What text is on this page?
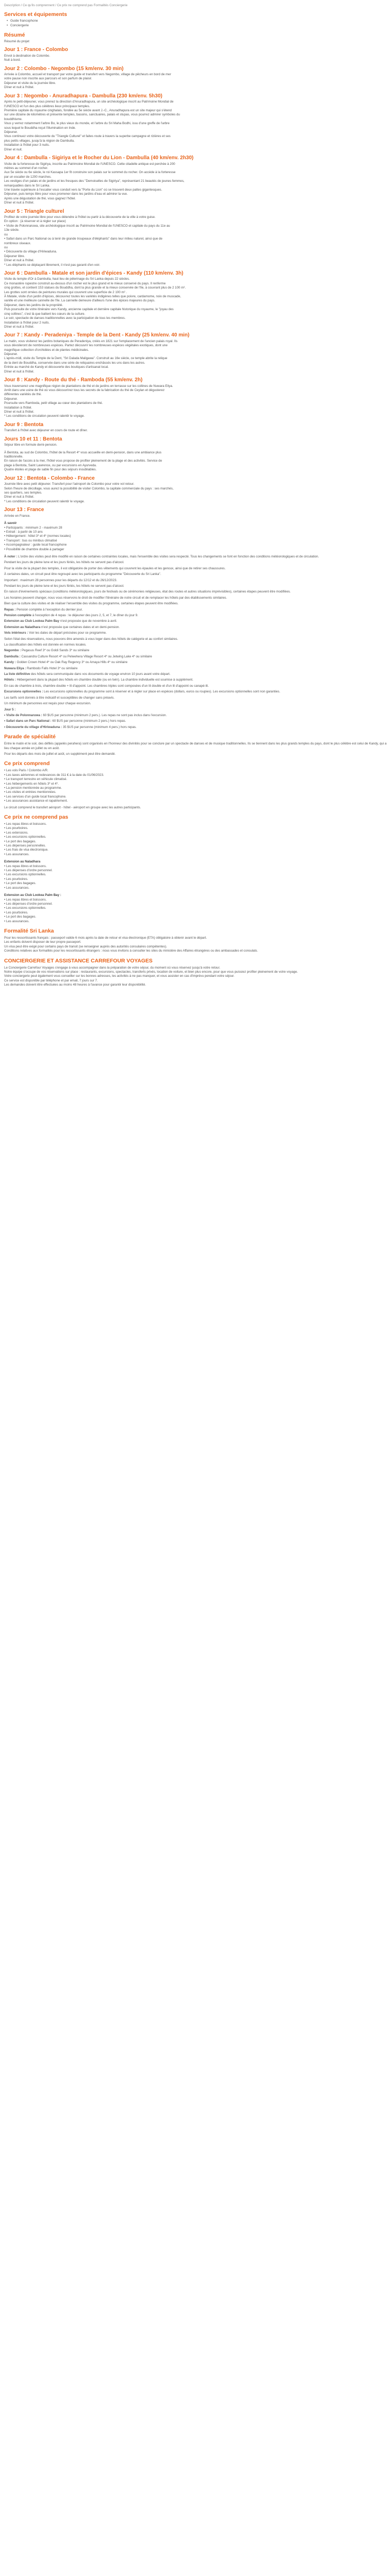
Description / Ce qu'ils comprennent / Ce prix ne comprend pas Formalités Conciergerie
Services et équipements
• Guide francophone
• Conciergerie
Résumé
Résumé du projet
Jour 1 : France - Colombo
Envol à destination de Colombo.
Nuit à bord.
Jour 2 : Colombo - Negombo (15 km/env. 30 min)
Arrivée à Colombo, accueil et transport par votre guide et transfert vers Negombo, village de pêcheurs en bord de mer
votre pause non inscrite aux parcours et son parfum de plaisir.
Déjeuner et visite du la journée libre.
Dîner et nuit à l'hôtel.
Jour 3 : Negombo - Anuradhapura - Dambulla (230 km/env. 5h30)
Après le petit-déjeuner, vous prenez la direction d'Anuradhapura, un site archéologique inscrit au Patrimoine Mondial de
l'UNESCO et l'un des plus célèbres lieux principaux temples.
Première capitale du royaume cinghalais, fondée au 5e siècle avant J.-C., Anuradhapura est un site majeur qui s'étend
sur une dizaine de kilomètres et présente temples, bassins, sanctuaires, palais et stupas, vous pourrez admirer symboles du
bouddhisme.
Vous y verrez notamment l'arbre Bo, le plus vieux du monde, et l'arbre du Sri Maha Bodhi, issu d'une greffe de l'arbre
sous lequel le Bouddha reçut l'illumination en Inde.
Déjeuner.
Vous continuez votre découverte du "Triangle Culturel" et faites route à travers la superbe campagne et rizières et ses
plus petits villages, jusqu'à la région de Dambulla.
Installation à l'hôtel pour 3 nuits.
Dîner et nuit.
Jour 4 : Dambulla - Sigiriya et le Rocher du Lion - Dambulla (40 km/env. 2h30)
Visite de la forteresse de Sigiriya, inscrite au Patrimoine Mondial de l'UNESCO. Cette citadelle antique est perchée à 200
mètres au sommet d'un rocher.
Aux 5e siècle ou 6e siècle, le roi Kassapa 1er fit construire son palais sur le sommet du rocher. On accède à la forteresse
par un escalier de 1200 marches.
Les vestiges d'un palais et de jardins et les fresques des "Demoiselles de Sigiriya", représentant 21 beautés de jeunes femmes,
remarquables dans le Sri Lanka.
Une travée supérieure à l'escalier vous conduit vers la "Porte du Lion" où se trouvent deux pattes gigantesques.
Déjeuner, puis temps libre pour vous promener dans les jardins d'eau et admirer la vue.
Après une dégustation de thé, vous gagnez l'hôtel.
Dîner et nuit à l'hôtel.
Jour 5 : Triangle culturel
Profitez de votre journée libre pour vous détendre à l'hôtel ou partir à la découverte de la ville à votre guise.
En option : (à réserver et à régler sur place)
• Visite de Polonnaruwa, site archéologique inscrit au Patrimoine Mondial de l'UNESCO et capitale du pays du 11e au
13e siècle.
ou
• Safari dans un Parc National ou à tenir de grande troupeaux d'éléphants" dans leur milieu naturel, ainsi que de
nombreux oiseaux.
ou
• Découverte du village d'Hiriwaduna.
Déjeuner libre.
Dîner et nuit à l'hôtel.
* Les éléphants se déplaçant librement, il n'est pas garanti d'en voir.
Jour 6 : Dambulla - Matale et son jardin d'épices - Kandy (110 km/env. 3h)
Visite du temple d'Or à Dambulla, haut lieu de pèlerinage du Sri Lanka depuis 22 siècles.
Ce monastère rupestre construit au-dessus d'un rocher est le plus grand et le mieux conservé du pays. Il renferme
cinq grottes, et contient 153 statues du Bouddha, dont la plus grande et la mieux conservée de l'île, à couvrant plus de 2 100 m².
Les grottes sont ornées de peintures murales qui couvrent une superficie de 2 100 m² .
À Matale, visite d'un jardin d'épices, découvrez toutes les variétés indigènes telles que poivre, cardamome, noix de muscade,
vanille et une meilleure cannelle de l'île. La cannelle demeure d'ailleurs l'une des épices majeures du pays.
Déjeuner, dans les jardins de la propriété.
Puis poursuite de votre itinéraire vers Kandy, ancienne capitale et dernière capitale historique du royaume, le "joyau des
cinq collines", c'est là que battent les cœurs de la culture.
Le soir, spectacle de danses traditionnelles avec la participation de tous les membres.
Installation à l'hôtel pour 2 nuits.
Dîner et nuit à l'hôtel.
Jour 7 : Kandy - Peradeniya - Temple de la Dent - Kandy (25 km/env. 40 min)
Le matin, vous visiterez les jardins botaniques de Peradeniya, créés en 1821 sur l'emplacement de l'ancien palais royal. Ils
vous dévoileront de nombreuses espèces. Partez découvrir les nombreuses espèces végétales exotiques, dont une
magnifique collection d'orchidées et de plantes médicinales.
Déjeuner.
L'après-midi, visite du Temple de la Dent, "Sri Dalada Maligawa". Construit au 16e siècle, ce temple abrite la relique
de la dent de Bouddha, conservée dans une série de reliquaires enchâssés les uns dans les autres.
Entrée au marché de Kandy et découverte des boutiques d'artisanat local.
Dîner et nuit à l'hôtel.
Jour 8 : Kandy - Route du thé - Ramboda (55 km/env. 2h)
Vous traverserez une magnifique région de plantations de thé et de jardins en terrasse sur les collines de Nuwara Eliya.
Arrêt dans une usine de thé où vous découvrirez tous les secrets de la fabrication du thé de Ceylan et dégusterez
différentes variétés de thé.
Déjeuner.
Poursuite vers Ramboda, petit village au cœur des plantations de thé.
Installation à l'hôtel.
Dîner et nuit à l'hôtel.
* Les conditions de circulation peuvent ralentir le voyage.
Jour 9 : Bentota
Transfert à l'hôtel avec déjeuner en cours de route et dîner.
Jours 10 et 11 : Bentota
Séjour libre en formule demi-pension.
À Bentota, au sud de Colombo, l'hôtel de la Resort 4* vous accueille en demi-pension, dans une ambiance plus
traditionnelle.
En raison de l'accès à la mer, l'hôtel vous propose de profiter pleinement de la plage et des activités. Service de
plage à Bentota, Saint Lawrence, ou par excursions en Ayurveda.
Quatre étoiles et plage de sable fin pour des séjours inoubliables.
Jour 12 : Bentota - Colombo - France
Journée libre avec petit déjeuner. Transfert pour l'aéroport de Colombo pour votre vol retour.
Selon l'heure de décollage, vous aurez la possibilité de visiter Colombo, la capitale commerciale du pays : ses marchés,
ses quartiers, ses temples.
Dîner et nuit à l'hôtel.
* Les conditions de circulation peuvent ralentir le voyage.
Jour 13 : France
Arrivée en France.
À savoir
• Participants : minimum 2 - maximum 28
• Extrait : à partir de 10 ans
• Hébergement : hôtel 3* et 4* (normes locales)
• Transport : bus ou minibus climatisé
• Accompagnateur : guide local francophone
• Possibilité de chambre double à partager

À noter : L'ordre des visites peut être modifié en raison de certaines contraintes locales, mais l'ensemble des visites sera respecté. Tous les changements se font en fonction des conditions météorologiques et de circulation.

Pendant les jours de pleine lune et les jours fériés, les hôtels ne servent pas d'alcool.

Pour la visite de la plupart des temples, il est obligatoire de porter des vêtements qui couvrent les épaules et les genoux, ainsi que de retirer ses chaussures.

À certaines dates, un circuit peut être regroupé avec les participants du programme "Découverte du Sri Lanka".

Important : maximum 28 personnes pour les départs du 12/12 et du 26/12/2023.

Pendant les jours de pleine lune et les jours fériés, les hôtels ne servent pas d'alcool.

En raison d'événements spéciaux (conditions météorologiques, jours de festivals ou de cérémonies religieuses, état des routes et autres situations imprévisibles), certaines étapes peuvent être modifiées.

Les horaires peuvent changer, nous vous réservons le droit de modifier l'itinéraire de notre circuit et de remplacer les hôtels par des établissements similaires.

Bien que la culture des visites et de réaliser l'ensemble des visites du programme, certaines étapes peuvent être modifiées.

Repas : Pension complète à l'exception du dernier jour.

Pension complète à l'exception de 4 repas : le déjeuner des jours 2, 5, et 7, le dîner du jour 9.

Extension au Club Lookea Palm Bay n'est proposée que de novembre à avril.

Extension au Naladhara n'est proposée que certaines dates et en demi-pension.

Vols intérieurs : Voir les dates de départ précisées pour ce programme.

Selon l'état des réservations, nous pouvons être amenés à vous loger dans des hôtels de catégorie et au confort similaires.

La classification des hôtels est donnée en normes locales.

Negombo : Pegasus Reef 3* ou Goldi Sands 3* ou similaire

Dambulla : Cassandra Culture Resort 4* ou Pelwehera Village Resort 4* ou Jetwing Lake 4* ou similaire

Kandy : Golden Crown Hotel 4* ou Oak Ray Regency 3* ou Amaya Hills 4* ou similaire

Nuwara Eliya : Rambodo Falls Hotel 3* ou similaire

La liste définitive des hôtels sera communiquée dans vos documents de voyage environ 10 jours avant votre départ.

Hôtels : Hébergement dans la plupart des hôtels en chambre double (ou en twin). La chambre individuelle est soumise à supplément.

En cas de chambre à trois, chambre double + lit d'appoint. Les chambres triples sont composées d'un lit double et d'un lit d'appoint ou canapé-lit.

Excursions optionnelles : Les excursions optionnelles du programme sont à réserver et à régler sur place en espèces (dollars, euros ou roupies). Les excursions optionnelles sont non garanties.

Les tarifs sont donnés à titre indicatif et susceptibles de changer sans préavis.

Un minimum de personnes est requis pour chaque excursion.

Jour 5 :

• Visite de Polonnaruwa : 60 $US par personne (minimum 2 pers.). Les repas ne sont pas inclus dans l'excursion.

• Safari dans un Parc National : 60 $US par personne (minimum 2 pers.) hors repas.

• Découverte du village d'Hiriwaduna : 35 $US par personne (minimum 4 pers.) hors repas.

Parade de spécialité
Entre le matin et le soir, des défilés (appelés perahera) sont organisés en l'honneur des divinités pour se conclure par un spectacle de danses et de musique traditionnelles. Ils se tiennent dans les plus grands temples du pays, dont le plus célèbre est celui de Kandy, qui a lieu chaque année en juillet ou en août.
Pour les départs des mois de juillet et août, un supplément peut être demandé.
Ce prix comprend
• Les vols Paris / Colombo A/R.
• Les taxes aériennes et redevances de 311 € à la date du 01/06/2023.
• Le transport terrestre en véhicule climatisé.
• Les hébergements en hôtels 3* et 4*.
• La pension mentionnée au programme.
• Les visites et entrées mentionnées.
• Les services d'un guide local francophone.
• Les assurances assistance et rapatriement.
Le circuit comprend le transfert aéroport - hôtel - aéroport en groupe avec les autres participants.
Ce prix ne comprend pas
• Les repas libres et boissons.
• Les pourboires.
• Les extensions.
• Les excursions optionnelles.
• Le port des bagages.
• Les dépenses personnelles.
• Les frais de visa électronique.
• Les assurances.
Extension au Naladhara
• Les repas libres et boissons.
• Les dépenses d'ordre personnel.
• Les excursions optionnelles.
• Les pourboires.
• Le port des bagages.
• Les assurances.
Extension au Club Lookea Palm Bay :
• Les repas libres et boissons.
• Les dépenses d'ordre personnel.
• Les excursions optionnelles.
• Les pourboires.
• Le port des bagages.
• Les assurances.
Formalité Sri Lanka
Pour les ressortissants français : passeport valide 6 mois après la date de retour et visa électronique (ETA) obligatoire à obtenir avant le départ.
Les enfants doivent disposer de leur propre passeport.
Un visa peut être exigé pour certains pays de transit (se renseigner auprès des autorités consulaires compétentes).
Conditions relatives aux formalités pour les ressortissants étrangers : nous vous invitons à consulter les sites du ministère des Affaires étrangères ou des ambassades et consulats.
CONCIERGERIE ET ASSISTANCE CARREFOUR VOYAGES
Le Conciergerie Carrefour Voyages s'engage à vous accompagner dans la préparation de votre séjour, du moment où vous réservez jusqu'à votre retour.
Notre équipe s'occupe de vos réservations sur place : restaurants, excursions, spectacles, transferts privés, location de voiture, et bien plus encore, pour que vous puissiez profiter pleinement de votre voyage.
Votre conciergerie peut également vous conseiller sur les bonnes adresses, les activités à ne pas manquer, et vous assister en cas d'imprévu pendant votre séjour.
Ce service est disponible par téléphone et par email, 7 jours sur 7.
Les demandes doivent être effectuées au moins 48 heures à l'avance pour garantir leur disponibilité.
